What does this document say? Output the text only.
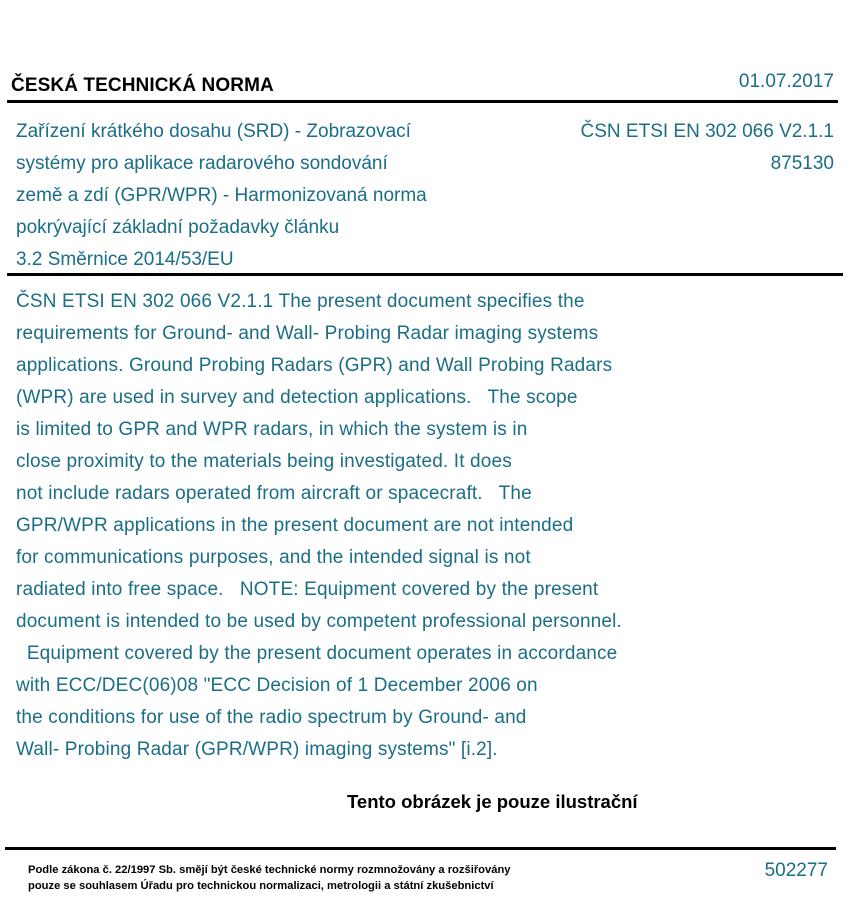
ČESKÁ TECHNICKÁ NORMA	01.07.2017
Zařízení krátkého dosahu (SRD) - Zobrazovací
systémy pro aplikace radarového sondování
země a zdí (GPR/WPR) - Harmonizovaná norma
pokrývající základní požadavky článku
3.2 Směrnice 2014/53/EU
ČSN ETSI EN 302 066 V2.1.1
875130
ČSN ETSI EN 302 066 V2.1.1 The present document specifies the
requirements for Ground- and Wall- Probing Radar imaging systems
applications. Ground Probing Radars (GPR) and Wall Probing Radars
(WPR) are used in survey and detection applications.   The scope
is limited to GPR and WPR radars, in which the system is in
close proximity to the materials being investigated. It does
not include radars operated from aircraft or spacecraft.   The
GPR/WPR applications in the present document are not intended
for communications purposes, and the intended signal is not
radiated into free space.   NOTE: Equipment covered by the present
document is intended to be used by competent professional personnel.
Equipment covered by the present document operates in accordance
with ECC/DEC(06)08 "ECC Decision of 1 December 2006 on
the conditions for use of the radio spectrum by Ground- and
Wall- Probing Radar (GPR/WPR) imaging systems" [i.2].
Tento obrázek je pouze ilustrační
Podle zákona č. 22/1997 Sb. smějí být české technické normy rozmnožovány a rozšiřovány
pouze se souhlasem Úřadu pro technickou normalizaci, metrologii a státní zkušebnictví
502277
